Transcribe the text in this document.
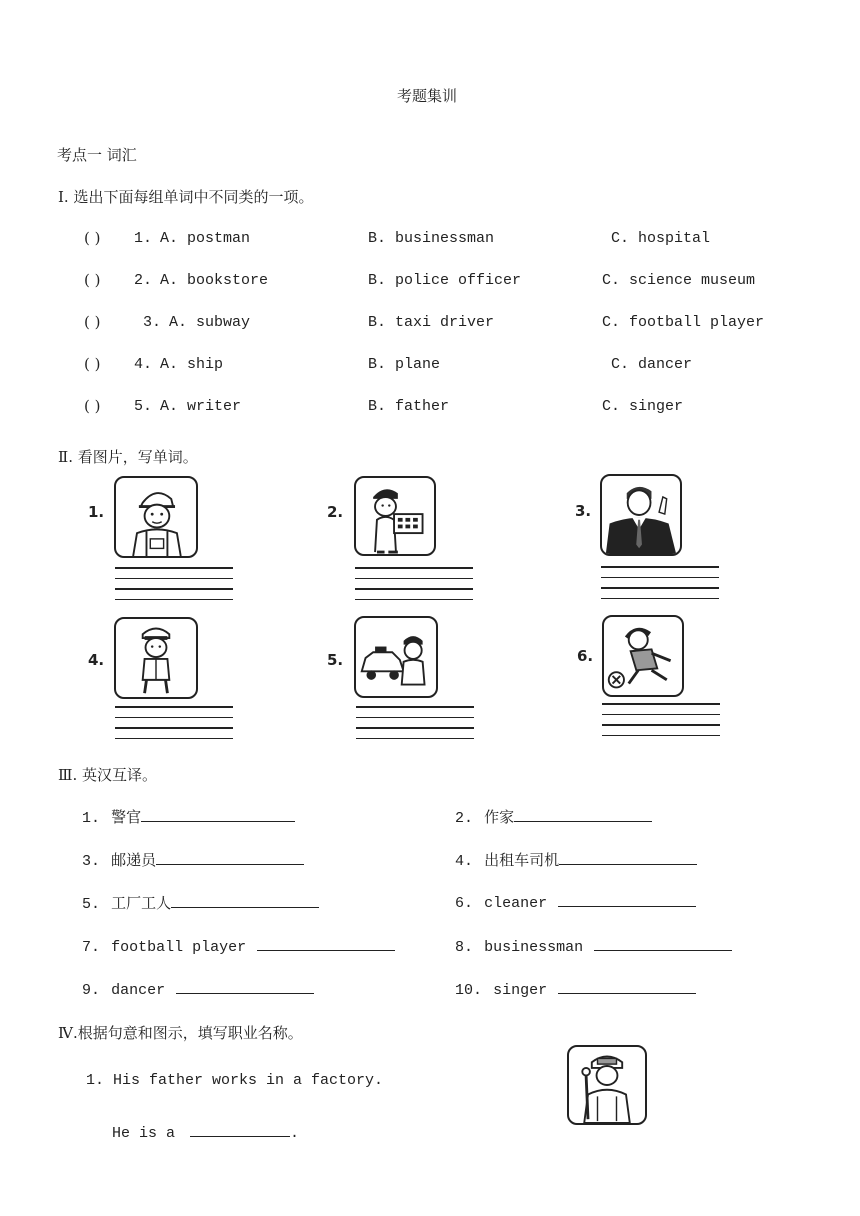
考题集训
考点一 词汇
Ⅰ. 选出下面每组单词中不同类的一项。
( ) 1. A. postman	B. businessman	C. hospital
( ) 2. A. bookstore	B. police officer	C. science museum
( )	3. A. subway	B. taxi driver	C. football player
( ) 4. A. ship	B. plane	C. dancer
( ) 5. A. writer	B. father	C. singer
Ⅱ. 看图片，写单词。
1.	2.	3.
4.	5.	6.
Ⅲ. 英汉互译。
1. 警官	2. 作家
3. 邮递员	4. 出租车司机
5. 工厂工人	6. cleaner
7. football player	8. businessman
9. dancer	10. singer
Ⅳ.根据句意和图示，填写职业名称。
1. His father works in a factory.
He is a	.
